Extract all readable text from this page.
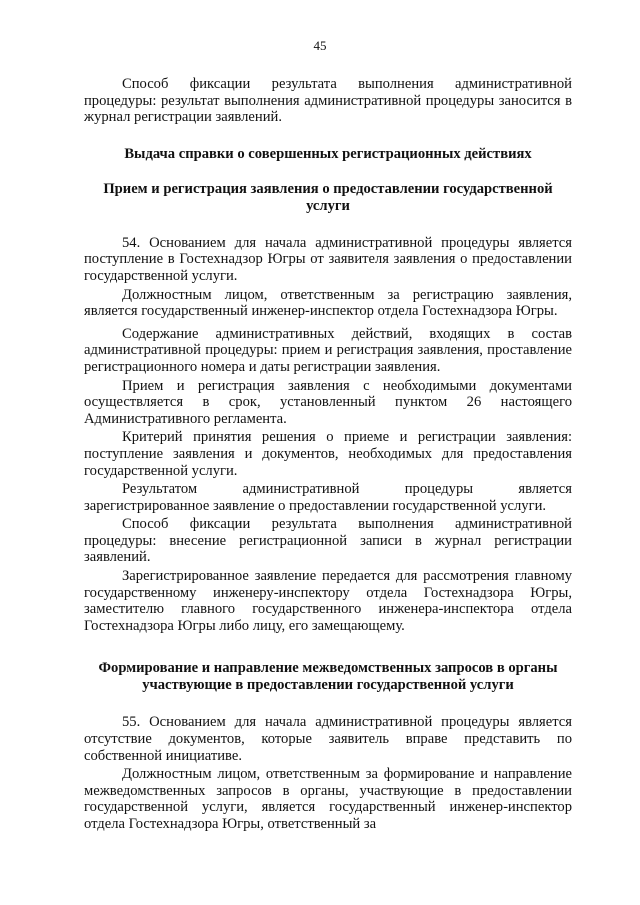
45

Способ фиксации результата выполнения административной процедуры: результат выполнения административной процедуры заносится в журнал регистрации заявлений.

Выдача справки о совершенных регистрационных действиях

Прием и регистрация заявления о предоставлении государственной услуги

54. Основанием для начала административной процедуры является поступление в Гостехнадзор Югры от заявителя заявления о предоставлении государственной услуги.

Должностным лицом, ответственным за регистрацию заявления, является государственный инженер-инспектор отдела Гостехнадзора Югры.

Содержание административных действий, входящих в состав административной процедуры: прием и регистрация заявления, проставление регистрационного номера и даты регистрации заявления.

Прием и регистрация заявления с необходимыми документами осуществляется в срок, установленный пунктом 26 настоящего Административного регламента.

Критерий принятия решения о приеме и регистрации заявления: поступление заявления и документов, необходимых для предоставления государственной услуги.

Результатом административной процедуры является зарегистрированное заявление о предоставлении государственной услуги.

Способ фиксации результата выполнения административной процедуры: внесение регистрационной записи в журнал регистрации заявлений.

Зарегистрированное заявление передается для рассмотрения главному государственному инженеру-инспектору отдела Гостехнадзора Югры, заместителю главного государственного инженера-инспектора отдела Гостехнадзора Югры либо лицу, его замещающему.

Формирование и направление межведомственных запросов в органы участвующие в предоставлении государственной услуги

55. Основанием для начала административной процедуры является отсутствие документов, которые заявитель вправе представить по собственной инициативе.

Должностным лицом, ответственным за формирование и направление межведомственных запросов в органы, участвующие в предоставлении государственной услуги, является государственный инженер-инспектор отдела Гостехнадзора Югры, ответственный за
